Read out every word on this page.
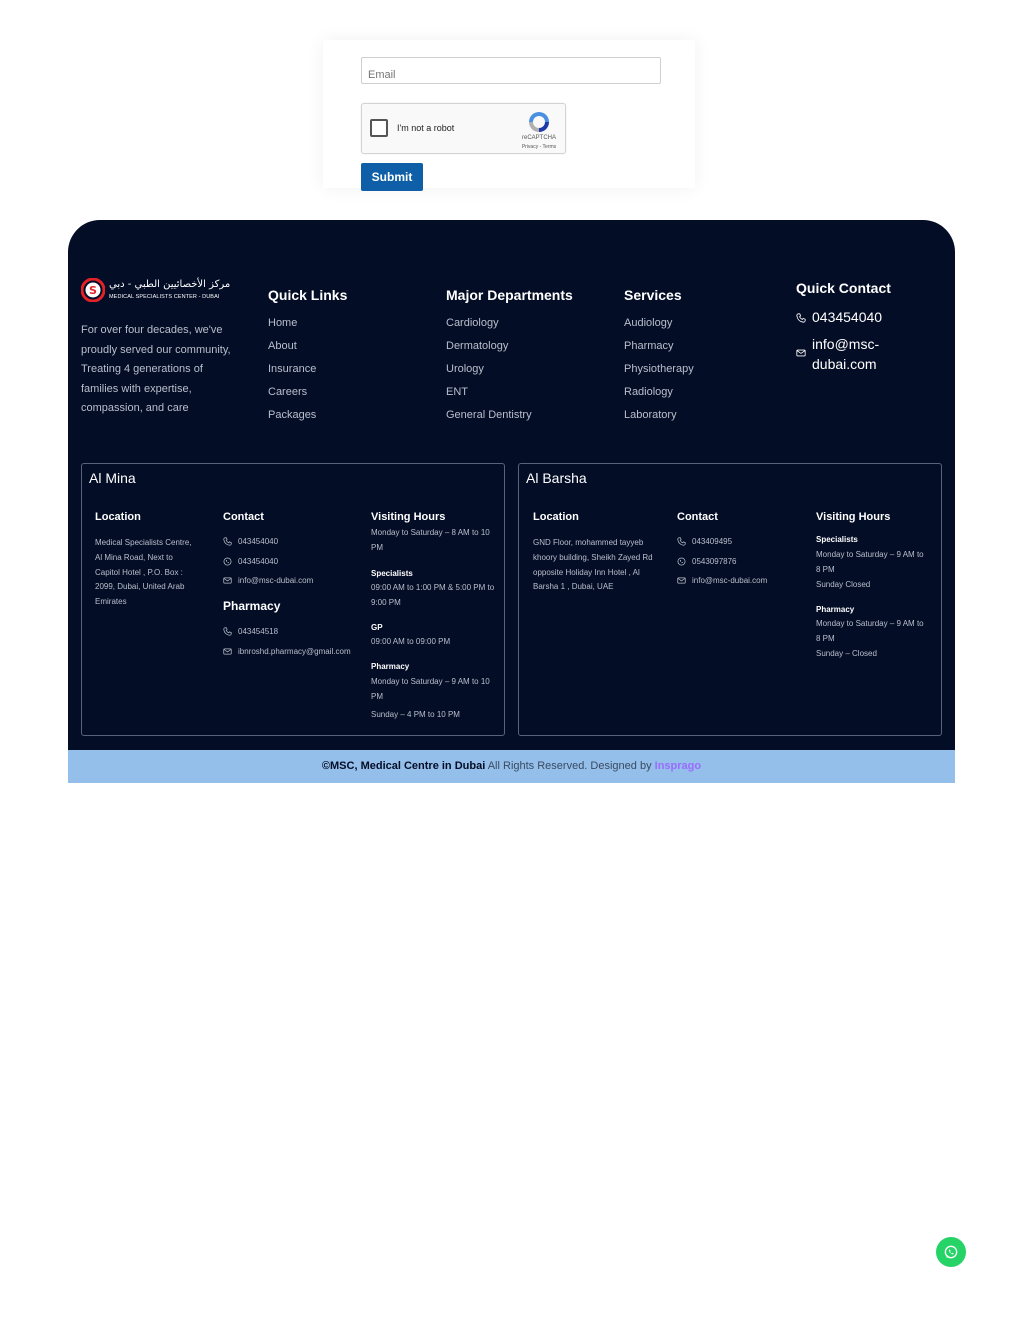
Email
I'm not a robot
reCAPTCHA
Privacy - Terms
Submit
S مركز الأخصائيين الطبي - دبي
MEDICAL SPECIALISTS CENTER - DUBAI
For over four decades, we've proudly served our community, Treating 4 generations of families with expertise, compassion, and care
Quick Links
Home
About
Insurance
Careers
Packages
Major Departments
Cardiology
Dermatology
Urology
ENT
General Dentistry
Services
Audiology
Pharmacy
Physiotherapy
Radiology
Laboratory
Quick Contact
043454040
info@msc-dubai.com
Al Mina
Location
Medical Specialists Centre, Al Mina Road, Next to Capitol Hotel , P.O. Box : 2099, Dubai, United Arab Emirates
Contact
043454040
043454040
info@msc-dubai.com
Pharmacy
043454518
ibnroshd.pharmacy@gmail.com
Visiting Hours
Monday to Saturday – 8 AM to 10 PM
Specialists
09:00 AM to 1:00 PM & 5:00 PM to 9:00 PM
GP
09:00 AM to 09:00 PM
Pharmacy
Monday to Saturday – 9 AM to 10 PM
Sunday – 4 PM to 10 PM
Al Barsha
Location
GND Floor, mohammed tayyeb khoory building, Sheikh Zayed Rd opposite Holiday Inn Hotel , Al Barsha 1 , Dubai, UAE
Contact
043409495
0543097876
info@msc-dubai.com
Visiting Hours
Specialists
Monday to Saturday – 9 AM to 8 PM
Sunday Closed
Pharmacy
Monday to Saturday – 9 AM to 8 PM
Sunday – Closed
©MSC, Medical Centre in Dubai All Rights Reserved. Designed by Insprago
